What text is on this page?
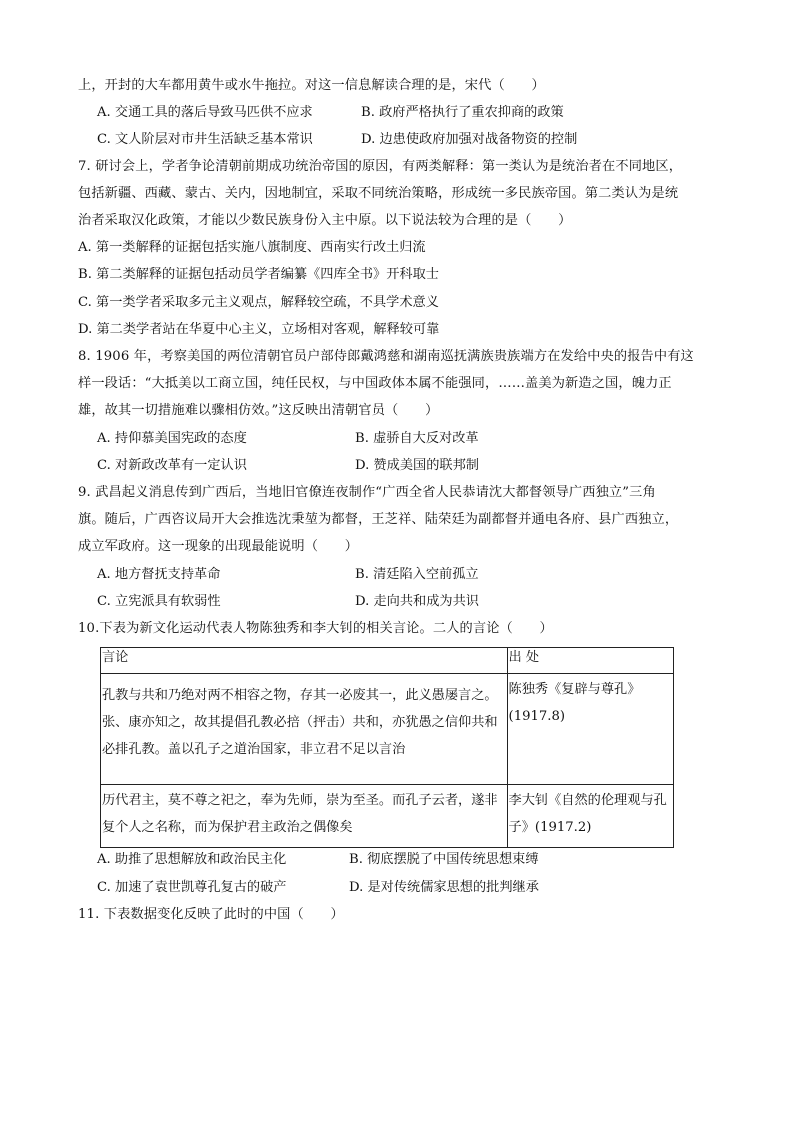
上，开封的大车都用黄牛或水牛拖拉。对这一信息解读合理的是，宋代（　　）
A. 交通工具的落后导致马匹供不应求	B. 政府严格执行了重农抑商的政策
C. 文人阶层对市井生活缺乏基本常识	D. 边患使政府加强对战备物资的控制
7. 研讨会上，学者争论清朝前期成功统治帝国的原因，有两类解释：第一类认为是统治者在不同地区，
包括新疆、西藏、蒙古、关内，因地制宜，采取不同统治策略，形成统一多民族帝国。第二类认为是统
治者采取汉化政策，才能以少数民族身份入主中原。以下说法较为合理的是（　　）
A. 第一类解释的证据包括实施八旗制度、西南实行改土归流
B. 第二类解释的证据包括动员学者编纂《四库全书》开科取士
C. 第一类学者采取多元主义观点，解释较空疏，不具学术意义
D. 第二类学者站在华夏中心主义，立场相对客观，解释较可靠
8. 1906 年，考察美国的两位清朝官员户部侍郎戴鸿慈和湖南巡抚满族贵族端方在发给中央的报告中有这
样一段话：“大抵美以工商立国，纯任民权，与中国政体本属不能强同，……盖美为新造之国，魄力正
雄，故其一切措施难以骤相仿效。”这反映出清朝官员（　　）
A. 持仰慕美国宪政的态度	B. 虚骄自大反对改革
C. 对新政改革有一定认识	D. 赞成美国的联邦制
9. 武昌起义消息传到广西后，当地旧官僚连夜制作“广西全省人民恭请沈大都督领导广西独立”三角
旗。随后，广西咨议局开大会推选沈秉堃为都督，王芝祥、陆荣廷为副都督并通电各府、县广西独立，
成立军政府。这一现象的出现最能说明（　　）
A. 地方督抚支持革命	B. 清廷陷入空前孤立
C. 立宪派具有软弱性	D. 走向共和成为共识
10.下表为新文化运动代表人物陈独秀和李大钊的相关言论。二人的言论（　　）
言论	出 处

孔教与共和乃绝对两不相容之物，存其一必废其一，此义愚屡言之。张、康亦知之，故其提倡孔教必掊（抨击）共和，亦犹愚之信仰共和必排孔教。盖以孔子之道治国家，非立君不足以言治	陈独秀《复辟与尊孔》(1917.8)

历代君主，莫不尊之祀之，奉为先师，崇为至圣。而孔子云者，遂非复个人之名称，而为保护君主政治之偶像矣	李大钊《自然的伦理观与孔子》(1917.2)
A. 助推了思想解放和政治民主化	B. 彻底摆脱了中国传统思想束缚
C. 加速了袁世凯尊孔复古的破产	D. 是对传统儒家思想的批判继承
11. 下表数据变化反映了此时的中国（　　）
